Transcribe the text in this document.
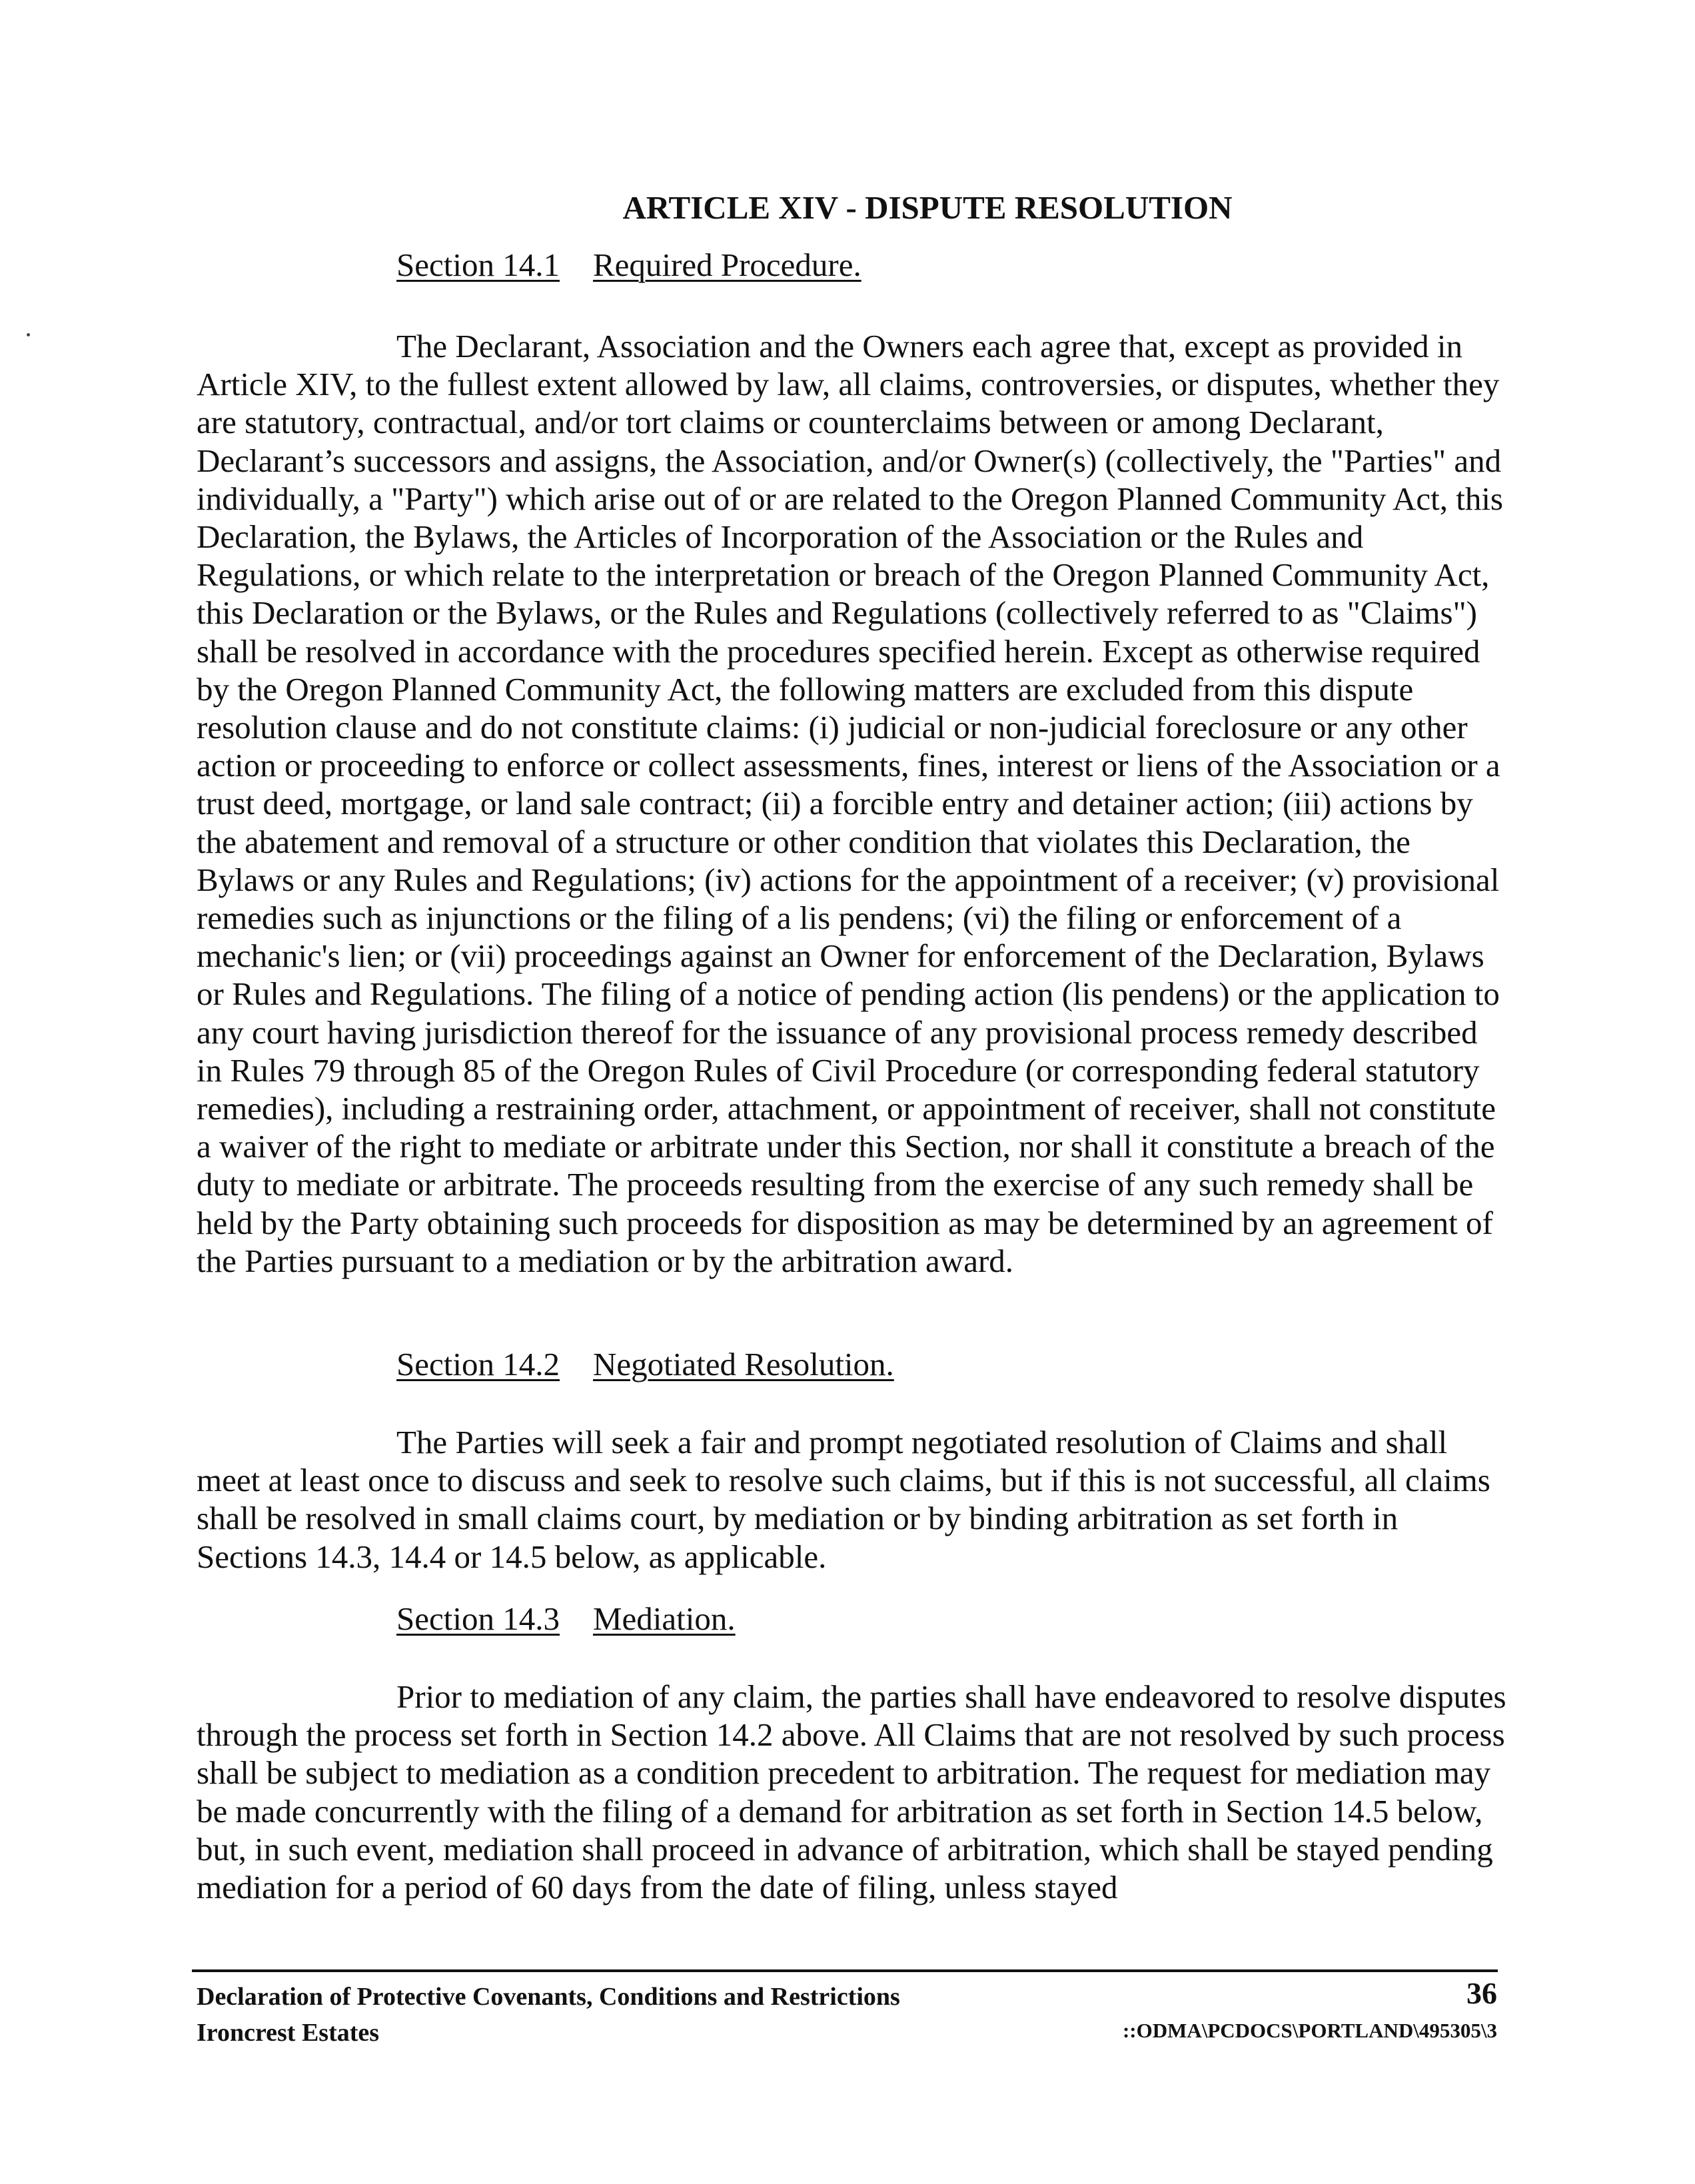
ARTICLE XIV - DISPUTE RESOLUTION
Section 14.1 Required Procedure.

The Declarant, Association and the Owners each agree that, except as provided in Article XIV, to the fullest extent allowed by law, all claims, controversies, or disputes, whether they are statutory, contractual, and/or tort claims or counterclaims between or among Declarant, Declarant’s successors and assigns, the Association, and/or Owner(s) (collectively, the "Parties" and individually, a "Party") which arise out of or are related to the Oregon Planned Community Act, this Declaration, the Bylaws, the Articles of Incorporation of the Association or the Rules and Regulations, or which relate to the interpretation or breach of the Oregon Planned Community Act, this Declaration or the Bylaws, or the Rules and Regulations (collectively referred to as "Claims") shall be resolved in accordance with the procedures specified herein. Except as otherwise required by the Oregon Planned Community Act, the following matters are excluded from this dispute resolution clause and do not constitute claims: (i) judicial or non-judicial foreclosure or any other action or proceeding to enforce or collect assessments, fines, interest or liens of the Association or a trust deed, mortgage, or land sale contract; (ii) a forcible entry and detainer action; (iii) actions by the abatement and removal of a structure or other condition that violates this Declaration, the Bylaws or any Rules and Regulations; (iv) actions for the appointment of a receiver; (v) provisional remedies such as injunctions or the filing of a lis pendens; (vi) the filing or enforcement of a mechanic's lien; or (vii) proceedings against an Owner for enforcement of the Declaration, Bylaws or Rules and Regulations. The filing of a notice of pending action (lis pendens) or the application to any court having jurisdiction thereof for the issuance of any provisional process remedy described in Rules 79 through 85 of the Oregon Rules of Civil Procedure (or corresponding federal statutory remedies), including a restraining order, attachment, or appointment of receiver, shall not constitute a waiver of the right to mediate or arbitrate under this Section, nor shall it constitute a breach of the duty to mediate or arbitrate. The proceeds resulting from the exercise of any such remedy shall be held by the Party obtaining such proceeds for disposition as may be determined by an agreement of the Parties pursuant to a mediation or by the arbitration award.

Section 14.2 Negotiated Resolution.

The Parties will seek a fair and prompt negotiated resolution of Claims and shall meet at least once to discuss and seek to resolve such claims, but if this is not successful, all claims shall be resolved in small claims court, by mediation or by binding arbitration as set forth in Sections 14.3, 14.4 or 14.5 below, as applicable.

Section 14.3 Mediation.

Prior to mediation of any claim, the parties shall have endeavored to resolve disputes through the process set forth in Section 14.2 above. All Claims that are not resolved by such process shall be subject to mediation as a condition precedent to arbitration. The request for mediation may be made concurrently with the filing of a demand for arbitration as set forth in Section 14.5 below, but, in such event, mediation shall proceed in advance of arbitration, which shall be stayed pending mediation for a period of 60 days from the date of filing, unless stayed

Declaration of Protective Covenants, Conditions and Restrictions
Ironcrest Estates
36
::ODMA\PCDOCS\PORTLAND\495305\3
